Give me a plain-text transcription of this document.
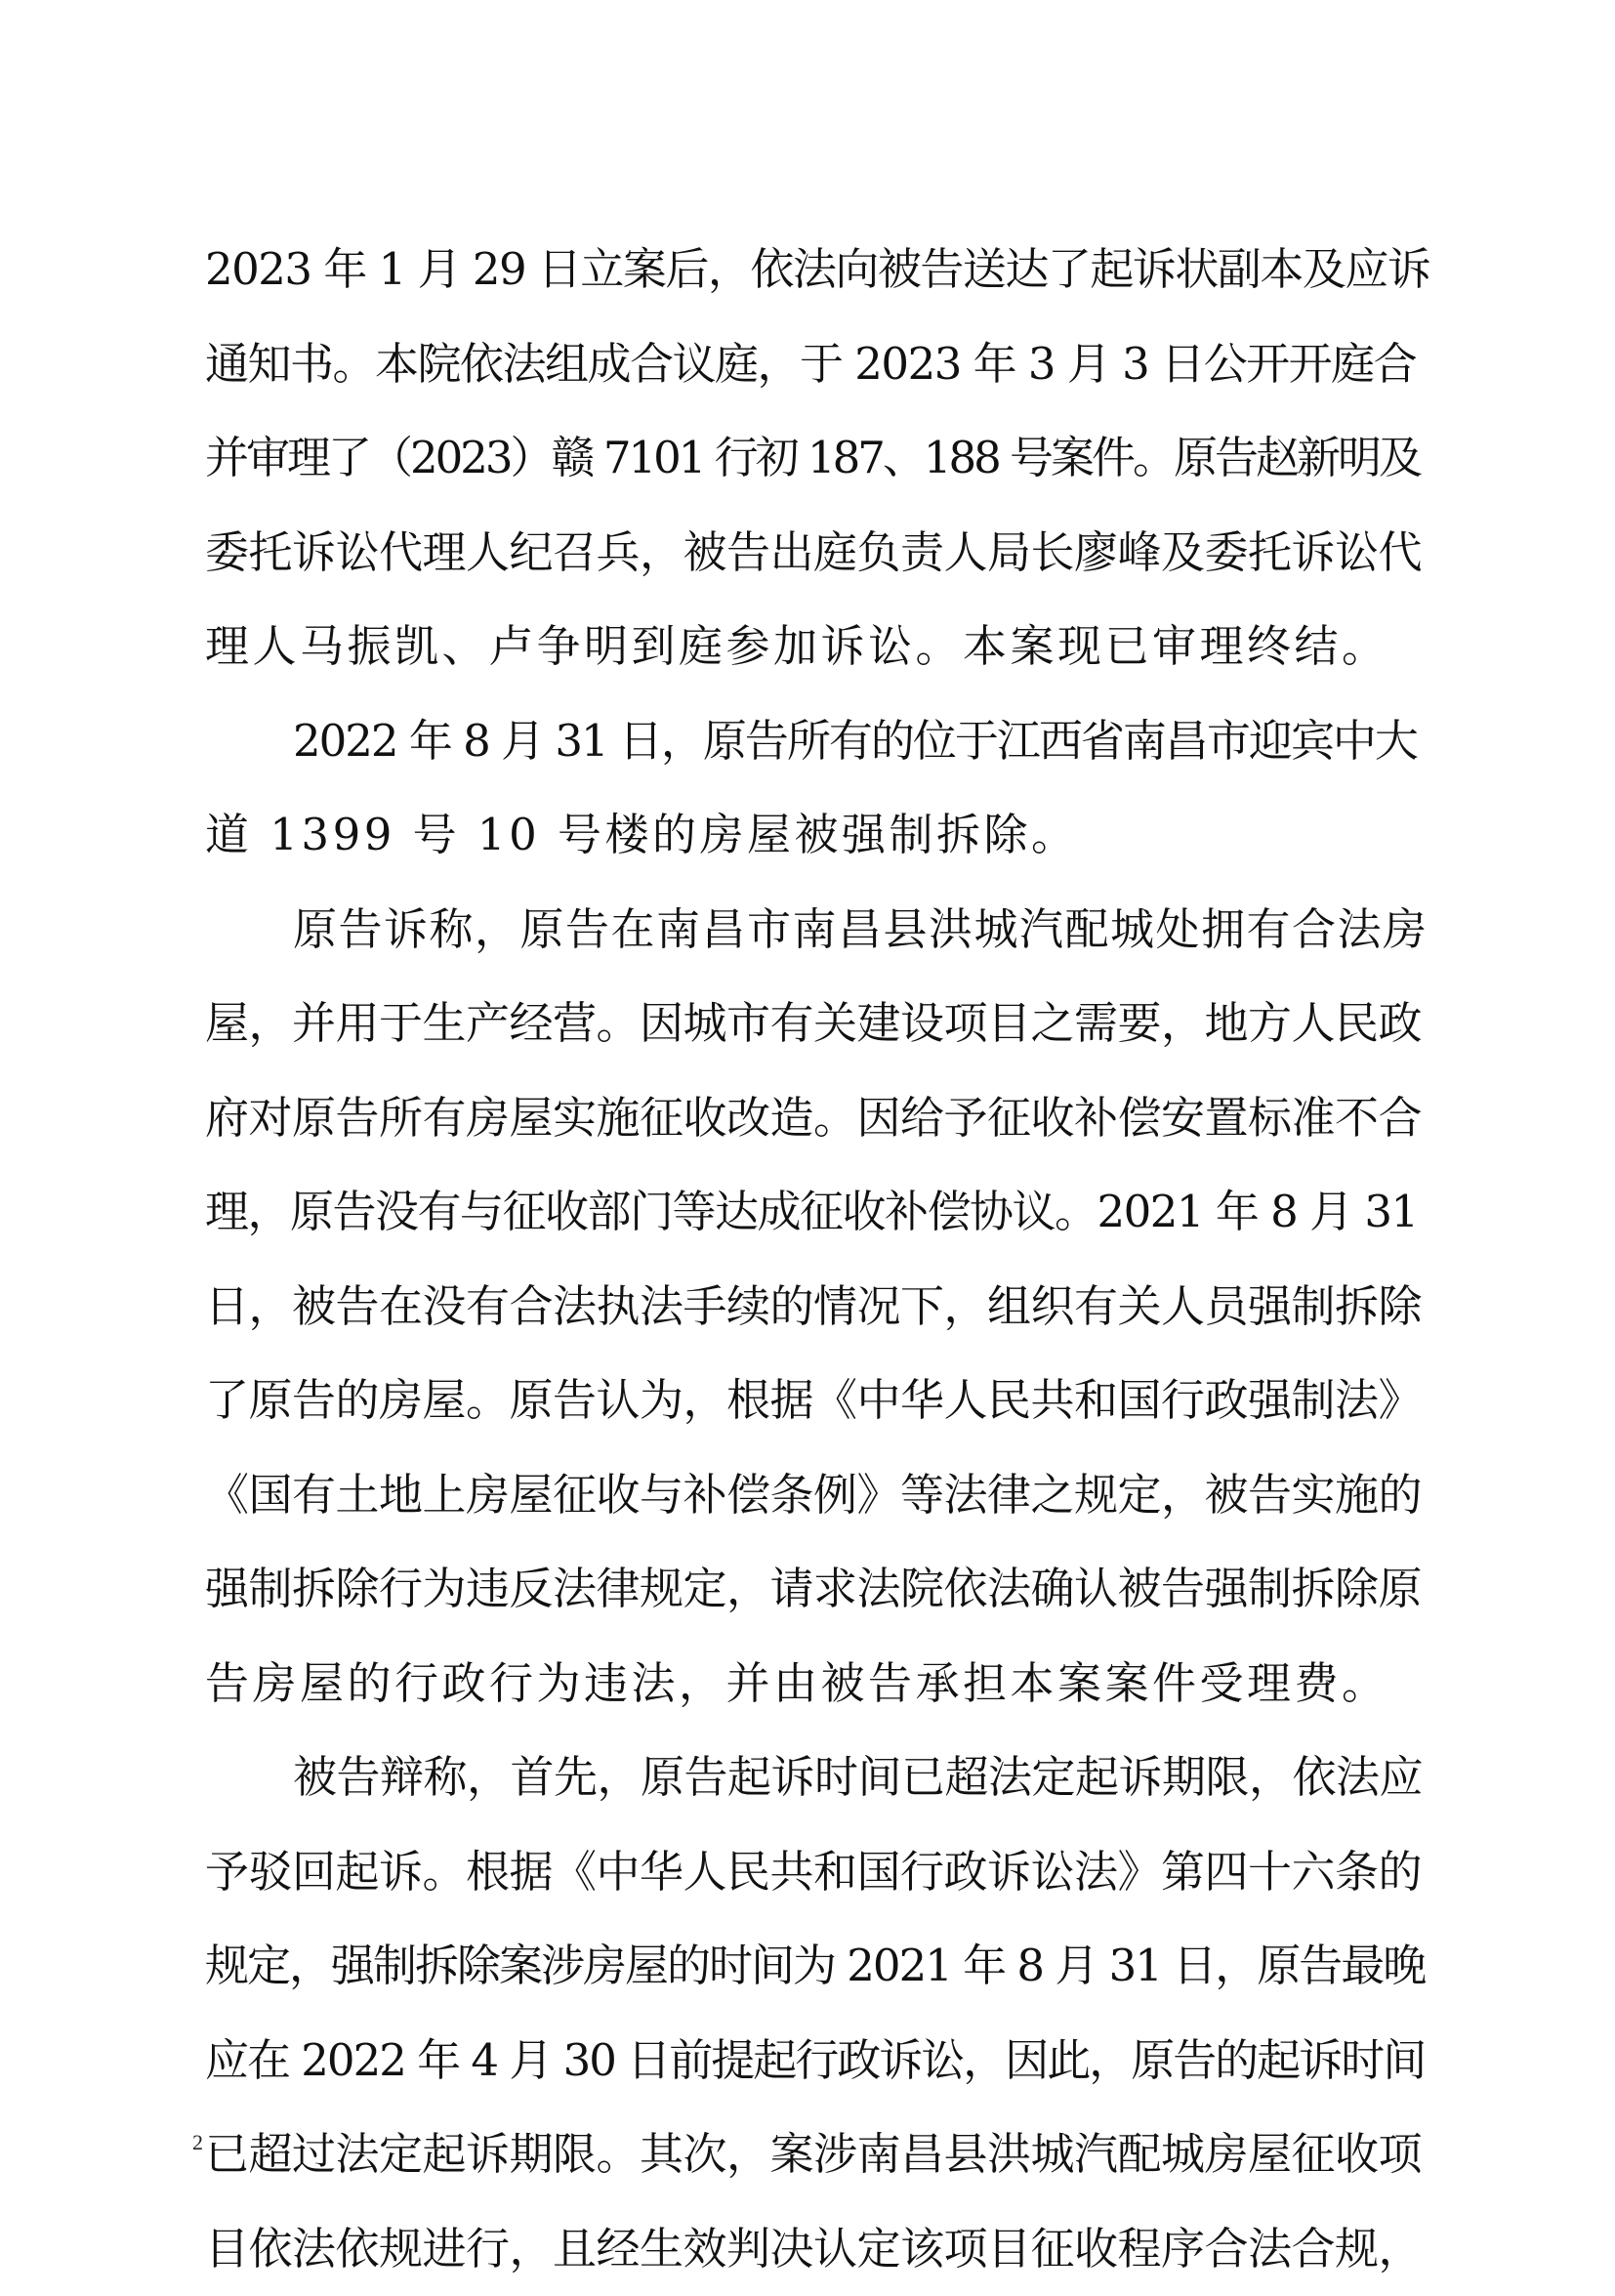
2023 年 1 月 29 日立案后，依法向被告送达了起诉状副本及应诉
通知书。本院依法组成合议庭，于 2023 年 3 月 3 日公开开庭合
并审理了（2023）赣 7101 行初 187、188 号案件。原告赵新明及
委托诉讼代理人纪召兵，被告出庭负责人局长廖峰及委托诉讼代
理人马振凯、卢争明到庭参加诉讼。本案现已审理终结。
2022 年 8 月 31 日，原告所有的位于江西省南昌市迎宾中大
道 1399 号 10 号楼的房屋被强制拆除。
原告诉称，原告在南昌市南昌县洪城汽配城处拥有合法房
屋，并用于生产经营。因城市有关建设项目之需要，地方人民政
府对原告所有房屋实施征收改造。因给予征收补偿安置标准不合
理，原告没有与征收部门等达成征收补偿协议。2021 年 8 月 31
日，被告在没有合法执法手续的情况下，组织有关人员强制拆除
了原告的房屋。原告认为，根据《中华人民共和国行政强制法》
《国有土地上房屋征收与补偿条例》等法律之规定，被告实施的
强制拆除行为违反法律规定，请求法院依法确认被告强制拆除原
告房屋的行政行为违法，并由被告承担本案案件受理费。
被告辩称，首先，原告起诉时间已超法定起诉期限，依法应
予驳回起诉。根据《中华人民共和国行政诉讼法》第四十六条的
规定，强制拆除案涉房屋的时间为 2021 年 8 月 31 日，原告最晚
应在 2022 年 4 月 30 日前提起行政诉讼，因此，原告的起诉时间
已超过法定起诉期限。其次，案涉南昌县洪城汽配城房屋征收项
目依法依规进行，且经生效判决认定该项目征收程序合法合规，
2
